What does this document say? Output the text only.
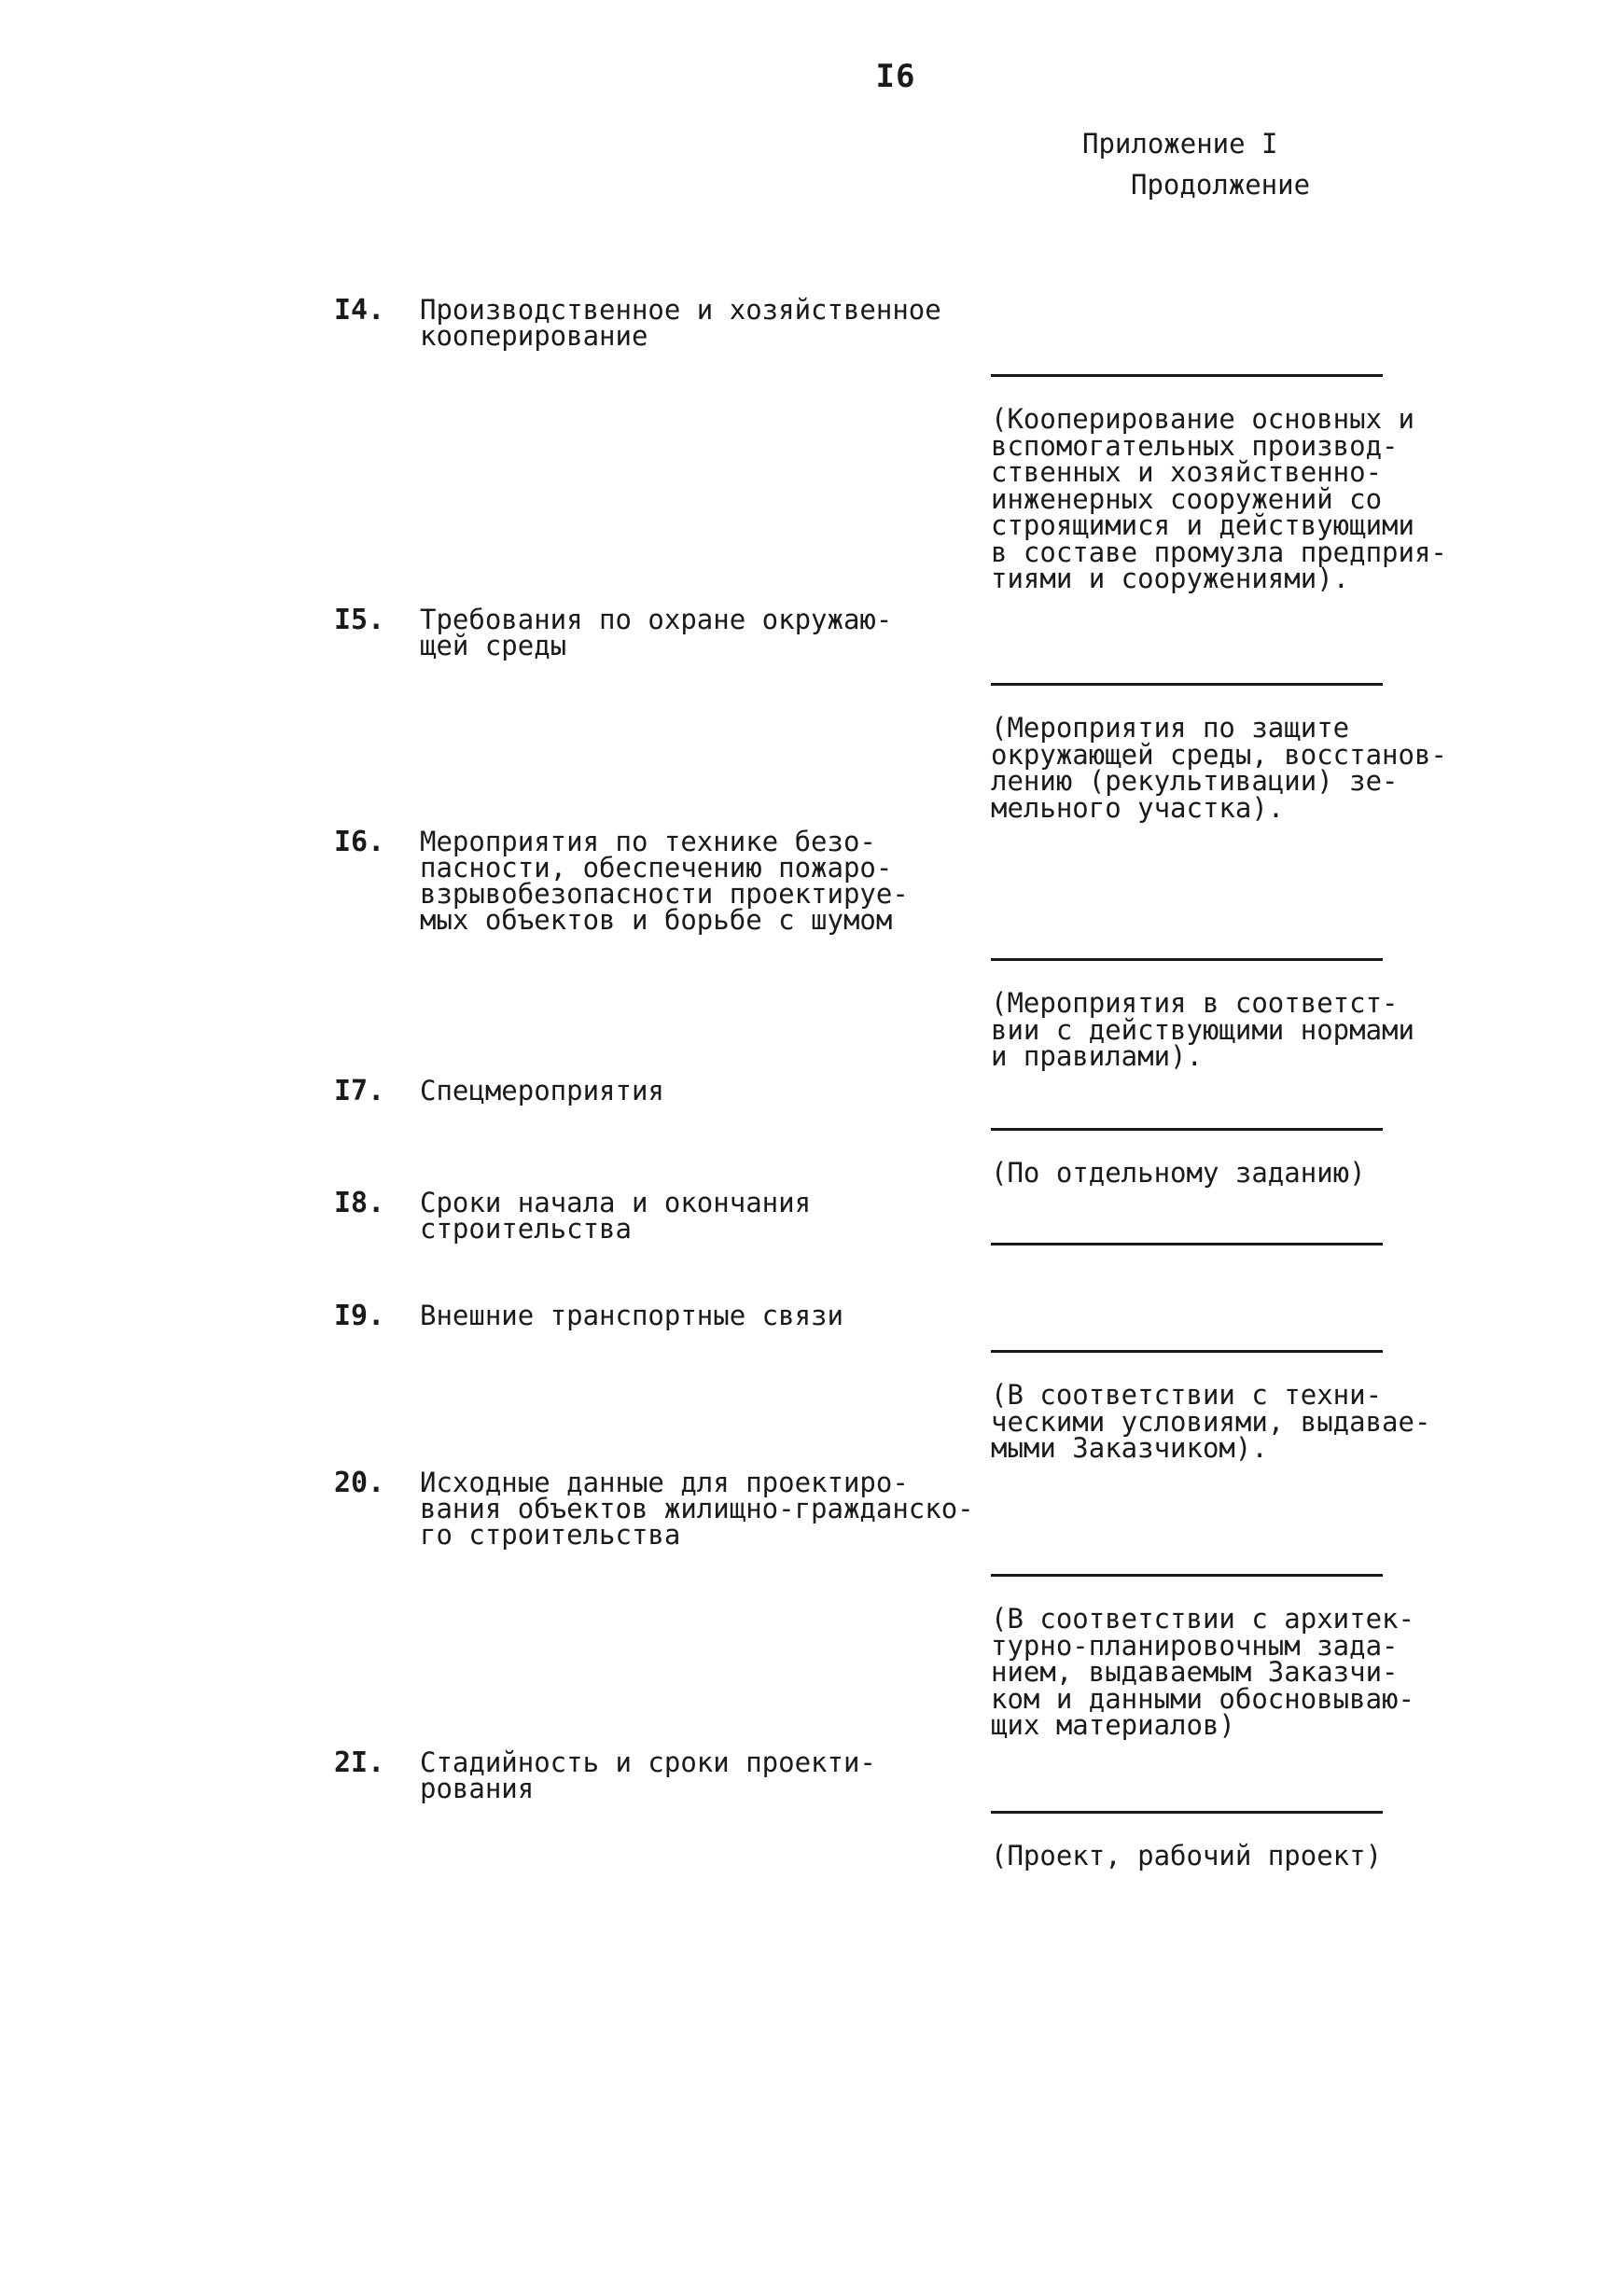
I6
Приложение I
Продолжение
I4. Производственное и хозяйственное
кооперирование

(Кооперирование основных и
вспомогательных производ-
ственных и хозяйственно-
инженерных сооружений со
строящимися и действующими
в составе промузла предприя-
тиями и сооружениями).

I5. Требования по охране окружаю-
щей среды

(Мероприятия по защите
окружающей среды, восстанов-
лению (рекультивации) зе-
мельного участка).

I6. Мероприятия по технике безо-
пасности, обеспечению пожаро-
взрывобезопасности проектируе-
мых объектов и борьбе с шумом

(Мероприятия в соответст-
вии с действующими нормами
и правилами).

I7. Спецмероприятия

(По отдельному заданию)

I8. Сроки начала и окончания
строительства
I9. Внешние транспортные связи

(В соответствии с техни-
ческими условиями, выдавае-
мыми Заказчиком).

20. Исходные данные для проектиро-
вания объектов жилищно-гражданско-
го строительства

(В соответствии с архитек-
турно-планировочным зада-
нием, выдаваемым Заказчи-
ком и данными обосновываю-
щих материалов)

2I. Стадийность и сроки проекти-
рования

(Проект, рабочий проект)
